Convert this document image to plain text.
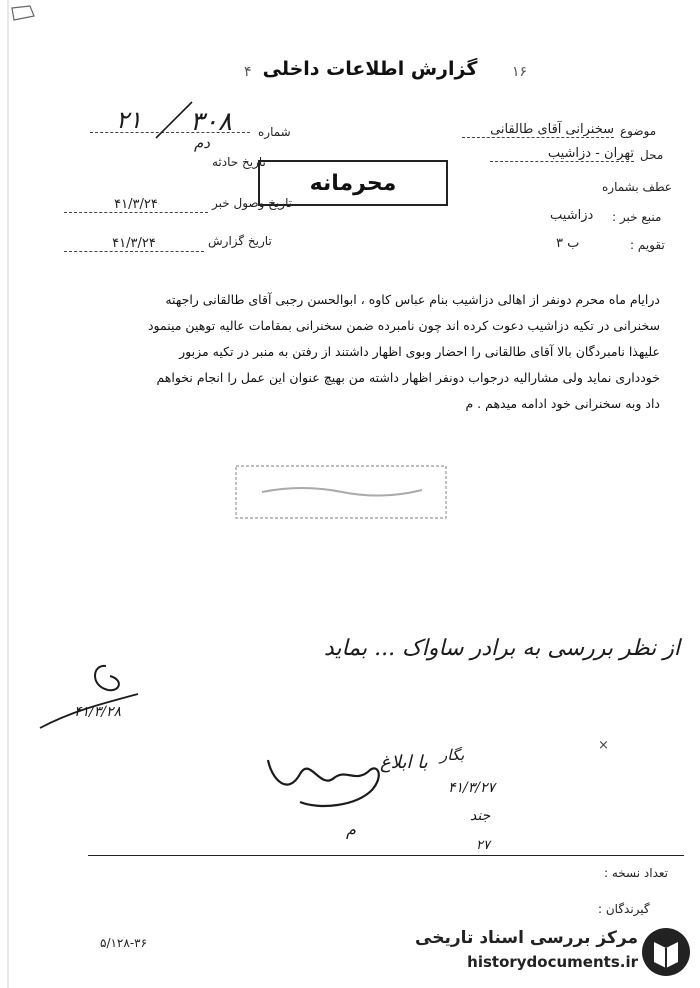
۴	۱۶
گزارش اطلاعات داخلی
شماره
۲۱ ۳۰۸
دم
تاریخ حادثه
تاریخ وصول خبر
۴۱/۳/۲۴
تاریخ گزارش
۴۱/۳/۲۴
محرمانه
موضوع
سخنرانی آقای طالقانی
محل
تهران - دزاشیب
عطف بشماره
منبع خبر :
دزاشیب
تقویم :
ب ۳

درایام ماه محرم دونفر از اهالی دزاشیب بنام عباس کاوه ، ابوالحسن رجبی آقای طالقانی راجهته

سخنرانی در تکیه دزاشیب دعوت کرده اند چون نامبرده ضمن سخنرانی بمقامات عالیه توهین مینمود

علیهذا نامبردگان بالا آقای طالقانی را احضار وبوی اظهار داشتند از رفتن به منبر در تکیه مزبور

خودداری نماید ولی مشارالیه درجواب دونفر اظهار داشته من بهیچ عنوان این عمل را انجام نخواهم

داد وبه سخنرانی خود ادامه میدهم . م

از نظر بررسی به برادر ساواک ... بماید
۴۱/۳/۲۸
×
با ابلاغ بگار
۴۱/۳/۲۷
م
جند
۲۷
تعداد نسخه :
گیرندگان :
۵/۱۲۸-۳۶	مرکز بررسی اسناد تاریخی
historydocuments.ir
